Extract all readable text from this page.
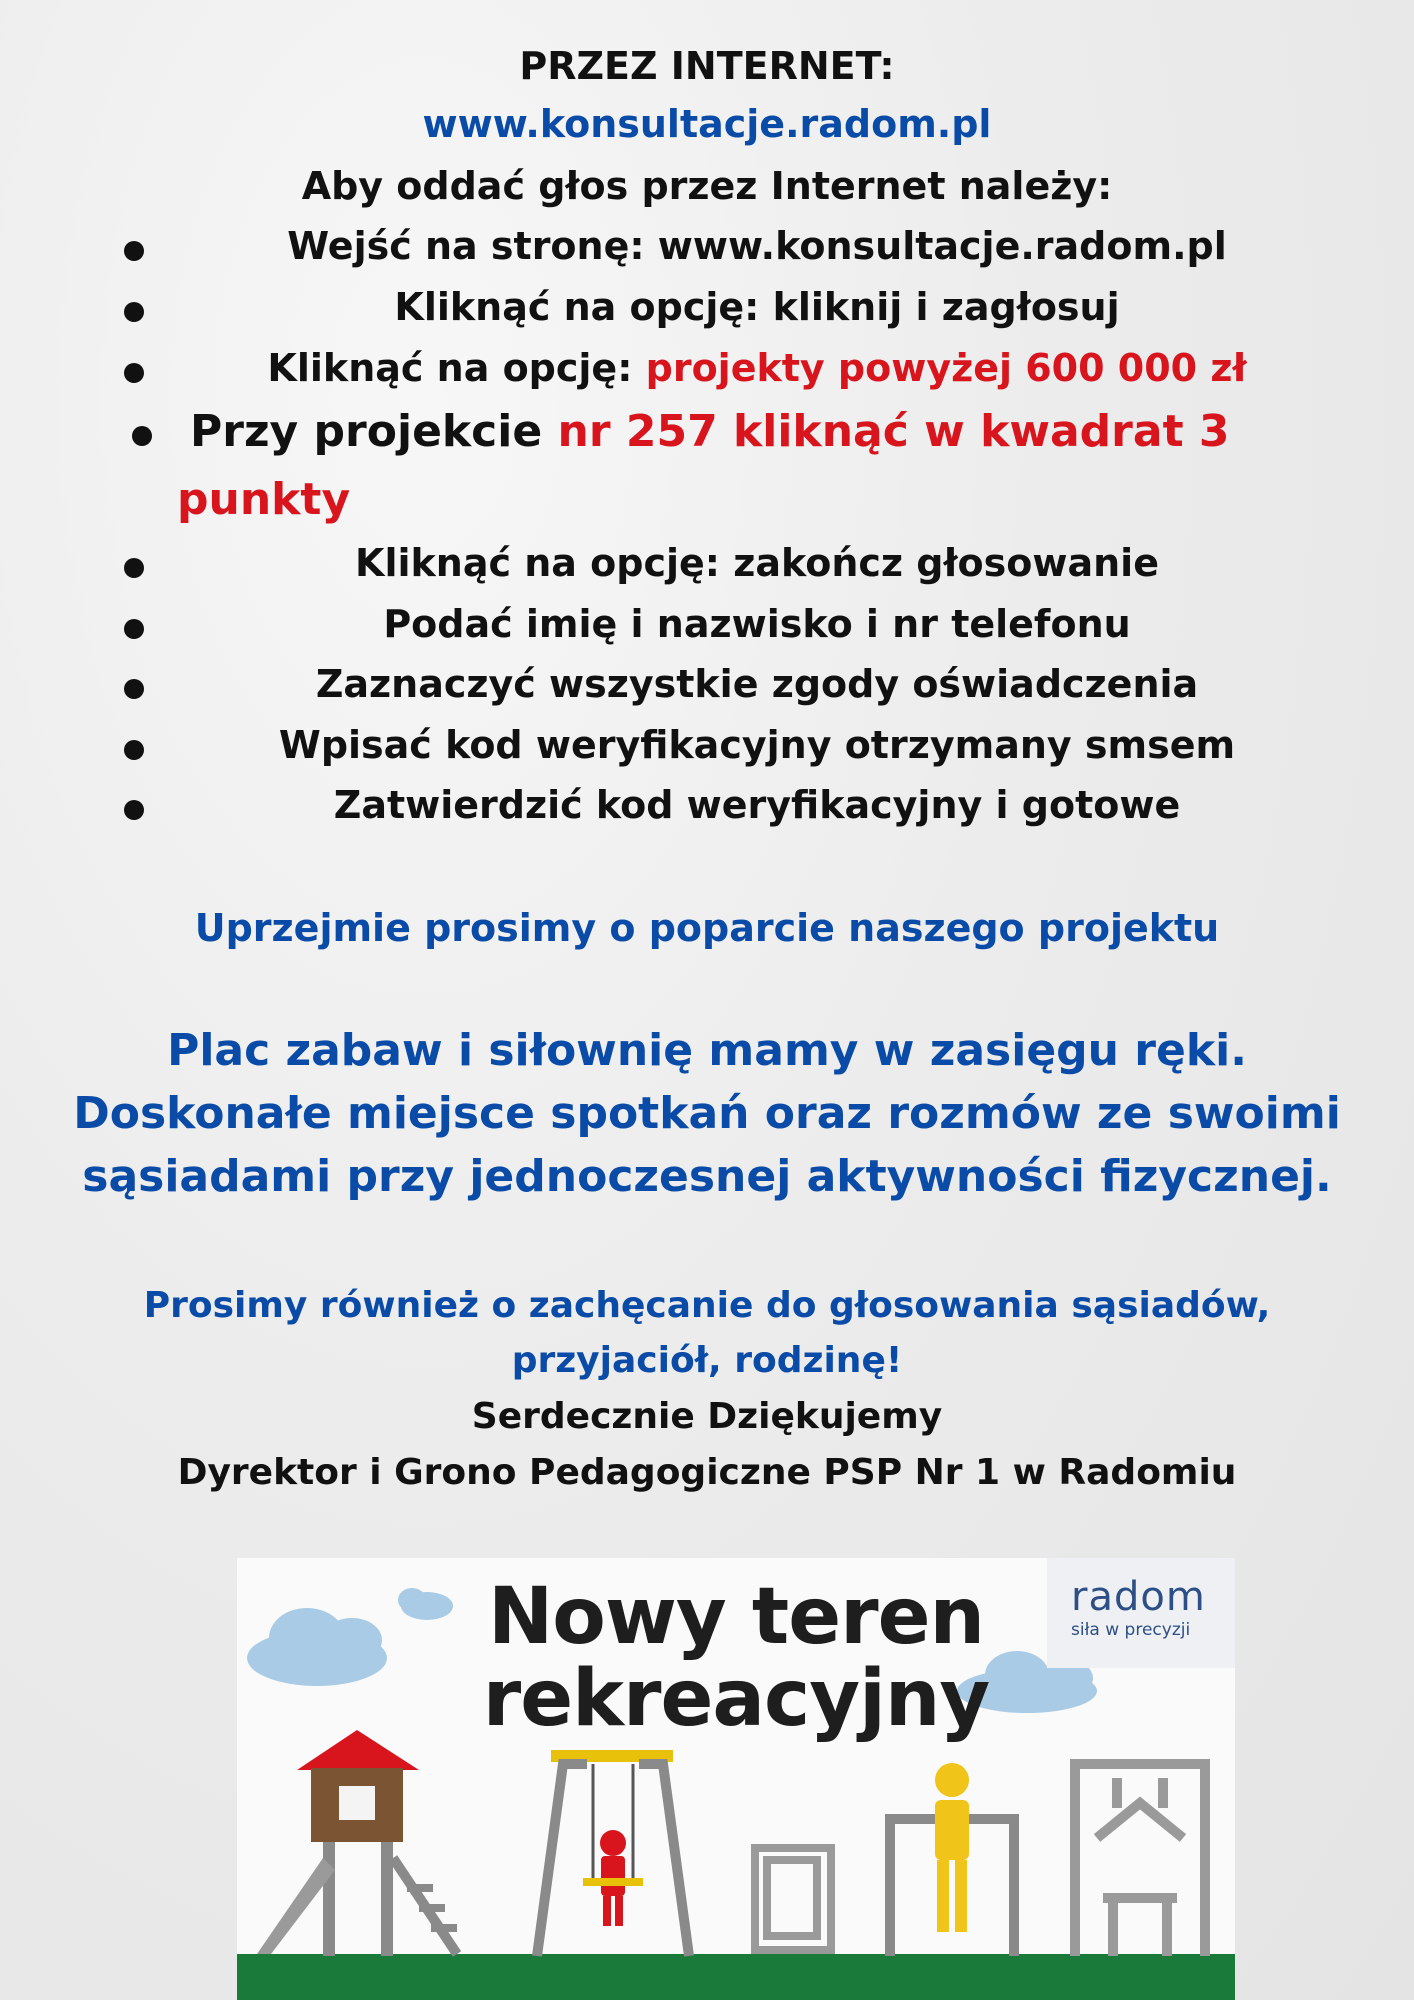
PRZEZ INTERNET:
www.konsultacje.radom.pl
Aby oddać głos przez Internet należy:
Wejść na stronę: www.konsultacje.radom.pl
Kliknąć na opcję: kliknij i zagłosuj
Kliknąć na opcję: projekty powyżej 600 000 zł
Przy projekcie nr 257 kliknąć w kwadrat 3
punkty
Kliknąć na opcję: zakończ głosowanie
Podać imię i nazwisko i nr telefonu
Zaznaczyć wszystkie zgody oświadczenia
Wpisać kod weryfikacyjny otrzymany smsem
Zatwierdzić kod weryfikacyjny i gotowe
Uprzejmie prosimy o poparcie naszego projektu
Plac zabaw i siłownię mamy w zasięgu ręki.
Doskonałe miejsce spotkań oraz rozmów ze swoimi
sąsiadami przy jednoczesnej aktywności fizycznej.
Prosimy również o zachęcanie do głosowania sąsiadów,
przyjaciół, rodzinę!
Serdecznie Dziękujemy
Dyrektor i Grono Pedagogiczne PSP Nr 1 w Radomiu
Nowy teren
rekreacyjny
radom
siła w precyzji
